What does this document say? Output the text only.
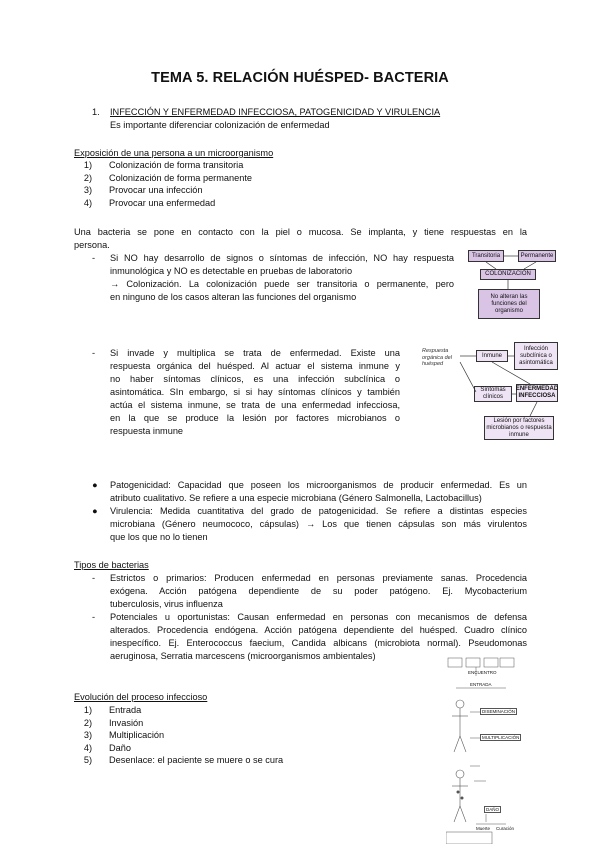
TEMA 5. RELACIÓN HUÉSPED- BACTERIA
1. INFECCIÓN Y ENFERMEDAD INFECCIOSA, PATOGENICIDAD Y VIRULENCIA
Es importante diferenciar colonización de enfermedad
Exposición de una persona a un microorganismo
1) Colonización de forma transitoria
2) Colonización de forma permanente
3) Provocar una infección
4) Provocar una enfermedad
Una bacteria se pone en contacto con la piel o mucosa. Se implanta, y tiene respuestas en la
persona.
- Si NO hay desarrollo de signos o síntomas de infección, NO hay respuesta
inmunológica y NO es detectable en pruebas de laboratorio
→ Colonización. La colonización puede ser transitoria o permanente, pero
en ninguno de los casos alteran las funciones del organismo
Transitoria	Permanente
COLONIZACIÓN
No alteran las funciones del organismo
- Si invade y multiplica se trata de enfermedad. Existe una
respuesta orgánica del huésped. Al actuar el sistema inmune y
no haber síntomas clínicos, es una infección subclínica o
asintomática. SIn embargo, si si hay síntomas clínicos y también
actúa el sistema inmune, se trata de una enfermedad infecciosa,
en la que se produce la lesión por factores microbianos o
respuesta inmune
Respuesta orgánica del huésped
Inmune
Infección subclínica o asintomática
Síntomas clínicos
ENFERMEDAD INFECCIOSA
Lesión por factores microbianos o respuesta inmune
● Patogenicidad: Capacidad que poseen los microorganismos de producir enfermedad. Es un
atributo cualitativo. Se refiere a una especie microbiana (Género Salmonella, Lactobacillus)
● Virulencia: Medida cuantitativa del grado de patogenicidad. Se refiere a distintas especies
microbiana (Género neumococo, cápsulas) → Los que tienen cápsulas son más virulentos
que los que no lo tienen
Tipos de bacterias
- Estrictos o primarios: Producen enfermedad en personas previamente sanas. Procedencia
exógena. Acción patógena dependiente de su poder patógeno. Ej. Mycobacterium
tuberculosis, virus influenza
- Potenciales u oportunistas: Causan enfermedad en personas con mecanismos de defensa
alterados. Procedencia endógena. Acción patógena dependiente del huésped. Cuadro clínico
inespecífico. Ej. Enterococcus faecium, Candida albicans (microbiota normal). Pseudomonas
aeruginosa, Serratia marcescens (microorganismos ambientales)
Evolución del proceso infeccioso
1) Entrada
2) Invasión
3) Multiplicación
4) Daño
5) Desenlace: el paciente se muere o se cura
ENCUENTRO
ENTRADA
DISEMINACIÓN
MULTIPLICACIÓN
DAÑO
Muerte Curación
